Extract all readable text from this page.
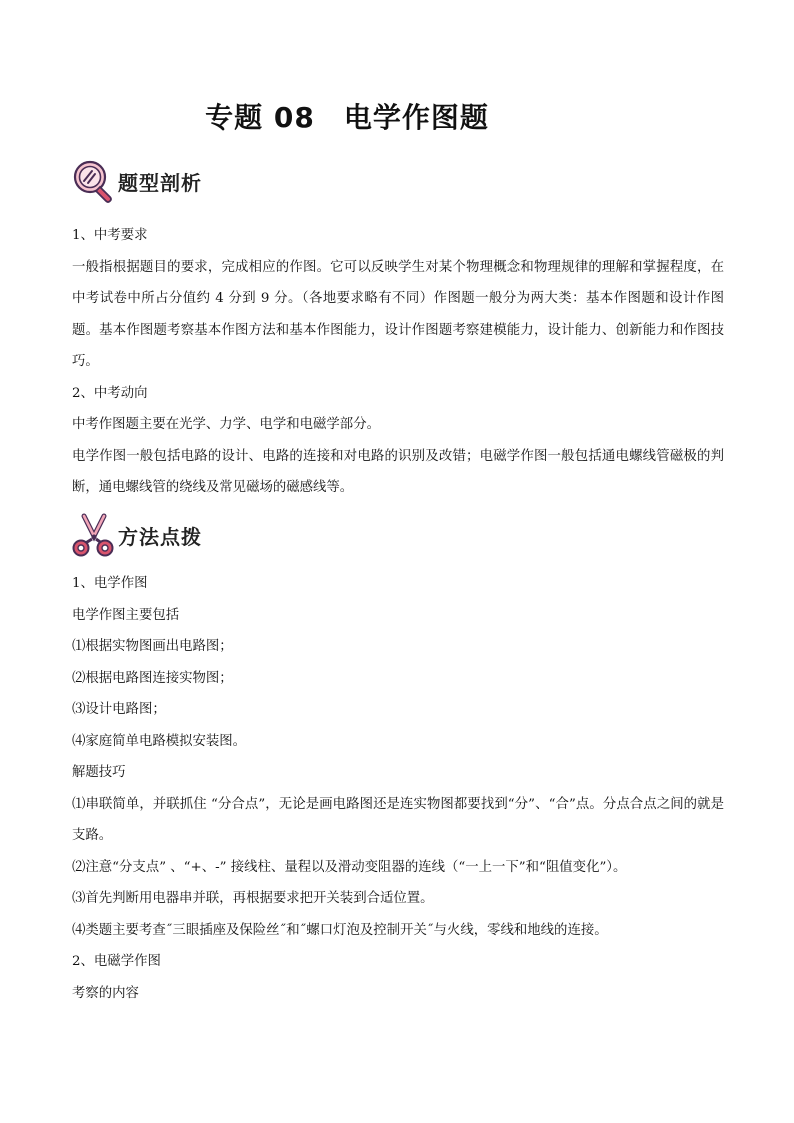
专题 08　电学作图题
题型剖析

1、中考要求

一般指根据题目的要求，完成相应的作图。它可以反映学生对某个物理概念和物理规律的理解和掌握程度，在中考试卷中所占分值约 4 分到 9 分。（各地要求略有不同）作图题一般分为两大类：基本作图题和设计作图题。基本作图题考察基本作图方法和基本作图能力，设计作图题考察建模能力，设计能力、创新能力和作图技巧。

2、中考动向

中考作图题主要在光学、力学、电学和电磁学部分。

电学作图一般包括电路的设计、电路的连接和对电路的识别及改错；电磁学作图一般包括通电螺线管磁极的判断，通电螺线管的绕线及常见磁场的磁感线等。

方法点拨

1、电学作图

电学作图主要包括

⑴根据实物图画出电路图；

⑵根据电路图连接实物图；

⑶设计电路图；

⑷家庭简单电路模拟安装图。

解题技巧

⑴串联简单，并联抓住 “分合点”，无论是画电路图还是连实物图都要找到“分”、“合”点。分点合点之间的就是支路。

⑵注意“分支点” 、“+、-” 接线柱、量程以及滑动变阻器的连线（“一上一下”和“阻值变化”）。

⑶首先判断用电器串并联，再根据要求把开关装到合适位置。

⑷类题主要考查˝三眼插座及保险丝˝和˝螺口灯泡及控制开关˝与火线，零线和地线的连接。

2、电磁学作图

考察的内容
